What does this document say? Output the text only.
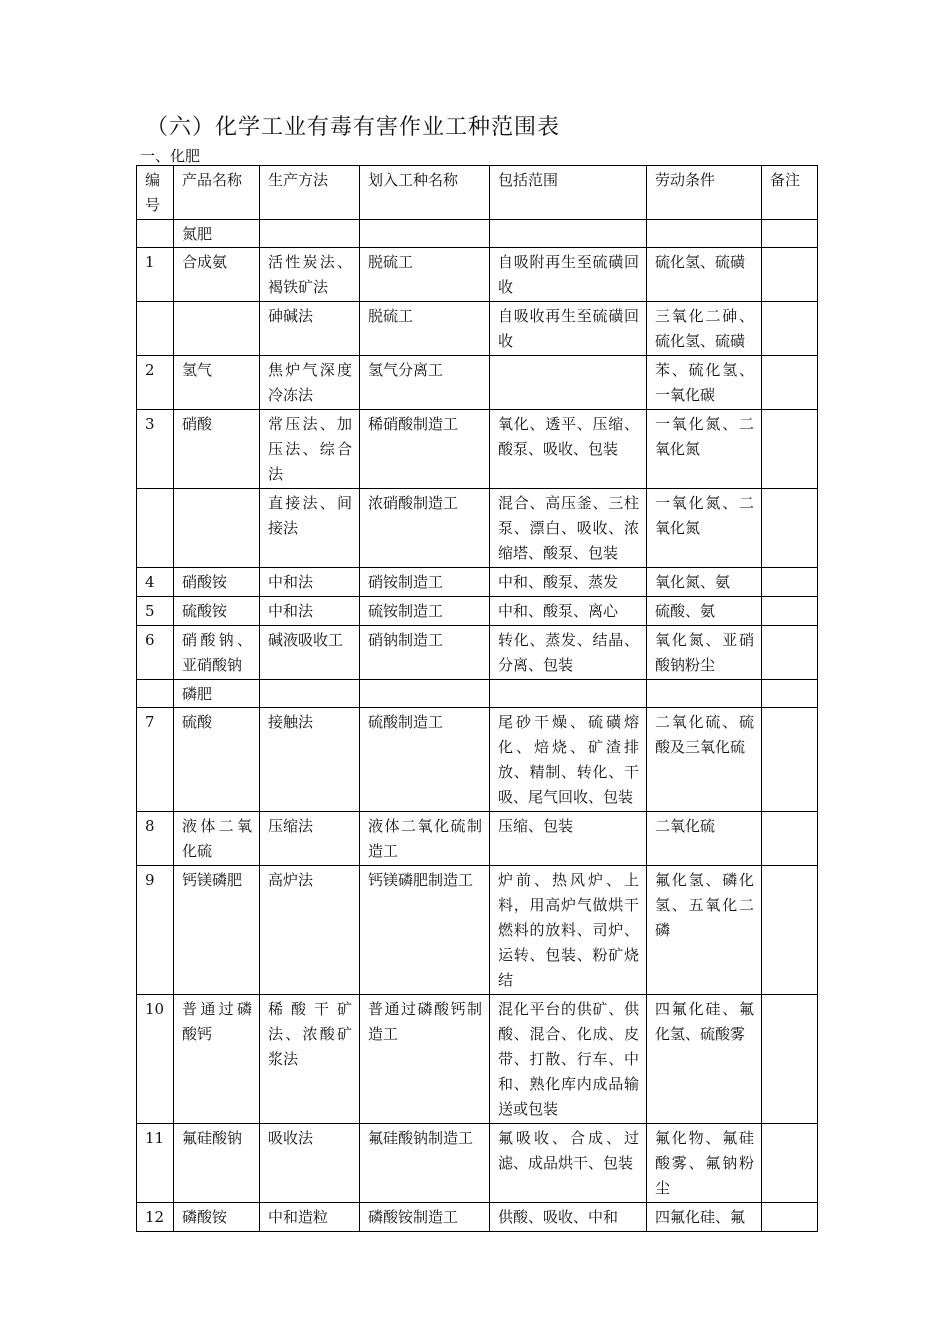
（六）化学工业有毒有害作业工种范围表
一、化肥
编号	产品名称	生产方法	划入工种名称	包括范围	劳动条件	备注
	氮肥					
1	合成氨	活性炭法、褐铁矿法	脱硫工	自吸附再生至硫磺回收	硫化氢、硫磺	
		砷碱法	脱硫工	自吸收再生至硫磺回收	三氧化二砷、硫化氢、硫磺	
2	氢气	焦炉气深度冷冻法	氢气分离工		苯、硫化氢、一氧化碳	
3	硝酸	常压法、加压法、综合法	稀硝酸制造工	氧化、透平、压缩、酸泵、吸收、包装	一氧化氮、二氧化氮	
		直接法、间接法	浓硝酸制造工	混合、高压釜、三柱泵、漂白、吸收、浓缩塔、酸泵、包装	一氧化氮、二氧化氮	
4	硝酸铵	中和法	硝铵制造工	中和、酸泵、蒸发	氧化氮、氨	
5	硫酸铵	中和法	硫铵制造工	中和、酸泵、离心	硫酸、氨	
6	硝酸钠、亚硝酸钠	碱液吸收工	硝钠制造工	转化、蒸发、结晶、分离、包装	氧化氮、亚硝酸钠粉尘	
	磷肥					
7	硫酸	接触法	硫酸制造工	尾砂干燥、硫磺熔化、焙烧、矿渣排放、精制、转化、干吸、尾气回收、包装	二氧化硫、硫酸及三氧化硫	
8	液体二氧化硫	压缩法	液体二氧化硫制造工	压缩、包装	二氧化硫	
9	钙镁磷肥	高炉法	钙镁磷肥制造工	炉前、热风炉、上料，用高炉气做烘干燃料的放料、司炉、运转、包装、粉矿烧结	氟化氢、磷化氢、五氧化二磷	
10	普通过磷酸钙	稀酸干矿法、浓酸矿浆法	普通过磷酸钙制造工	混化平台的供矿、供酸、混合、化成、皮带、打散、行车、中和、熟化库内成品输送或包装	四氟化硅、氟化氢、硫酸雾	
11	氟硅酸钠	吸收法	氟硅酸钠制造工	氟吸收、合成、过滤、成品烘干、包装	氟化物、氟硅酸雾、氟钠粉尘	
12	磷酸铵	中和造粒	磷酸铵制造工	供酸、吸收、中和	四氟化硅、氟	
